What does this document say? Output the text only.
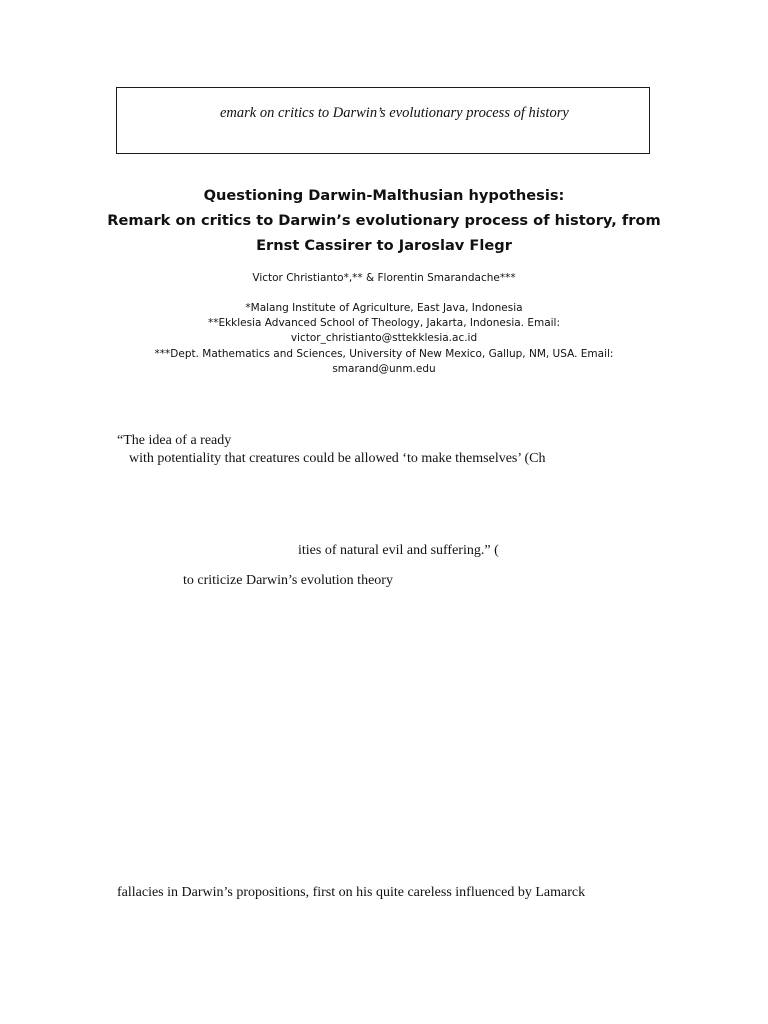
emark on critics to Darwin’s evolutionary process of history
Questioning Darwin-Malthusian hypothesis:
Remark on critics to Darwin’s evolutionary process of history, from
Ernst Cassirer to Jaroslav Flegr
Victor Christianto*,** & Florentin Smarandache***
*Malang Institute of Agriculture, East Java, Indonesia
**Ekklesia Advanced School of Theology, Jakarta, Indonesia. Email:
victor_christianto@sttekklesia.ac.id
***Dept. Mathematics and Sciences, University of New Mexico, Gallup, NM, USA. Email:
smarand@unm.edu
“The idea of a ready
with potentiality that creatures could be allowed ‘to make themselves’ (Ch
ities of natural evil and suffering.” (
to criticize Darwin’s evolution theory
fallacies in Darwin’s propositions, first on his quite careless influenced by Lamarck
